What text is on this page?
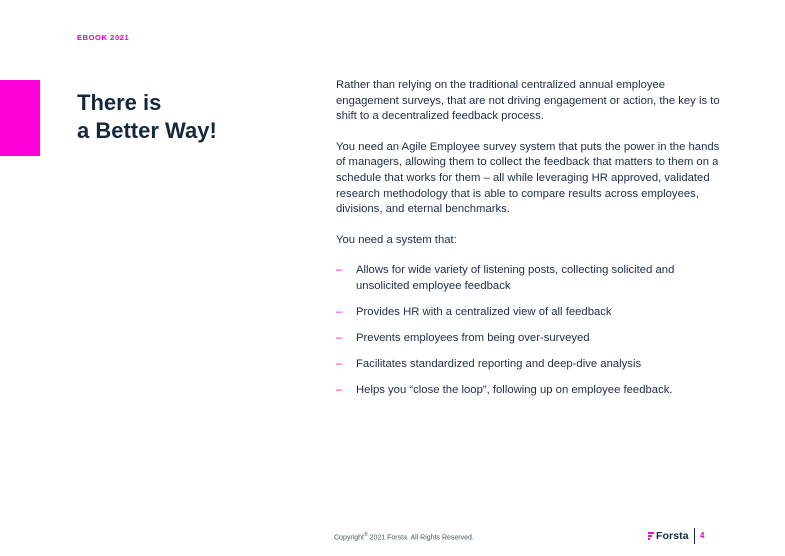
EBOOK 2021
There is
a Better Way!

Rather than relying on the traditional centralized annual employee engagement surveys, that are not driving engagement or action, the key is to shift to a decentralized feedback process.

You need an Agile Employee survey system that puts the power in the hands of managers, allowing them to collect the feedback that matters to them on a schedule that works for them – all while leveraging HR approved, validated research methodology that is able to compare results across employees, divisions, and eternal benchmarks.

You need a system that:

– Allows for wide variety of listening posts, collecting solicited and unsolicited employee feedback
– Provides HR with a centralized view of all feedback
– Prevents employees from being over-surveyed
– Facilitates standardized reporting and deep-dive analysis
– Helps you “close the loop”, following up on employee feedback.
Copyright® 2021 Forsta. All Rights Reserved.	Forsta 4
